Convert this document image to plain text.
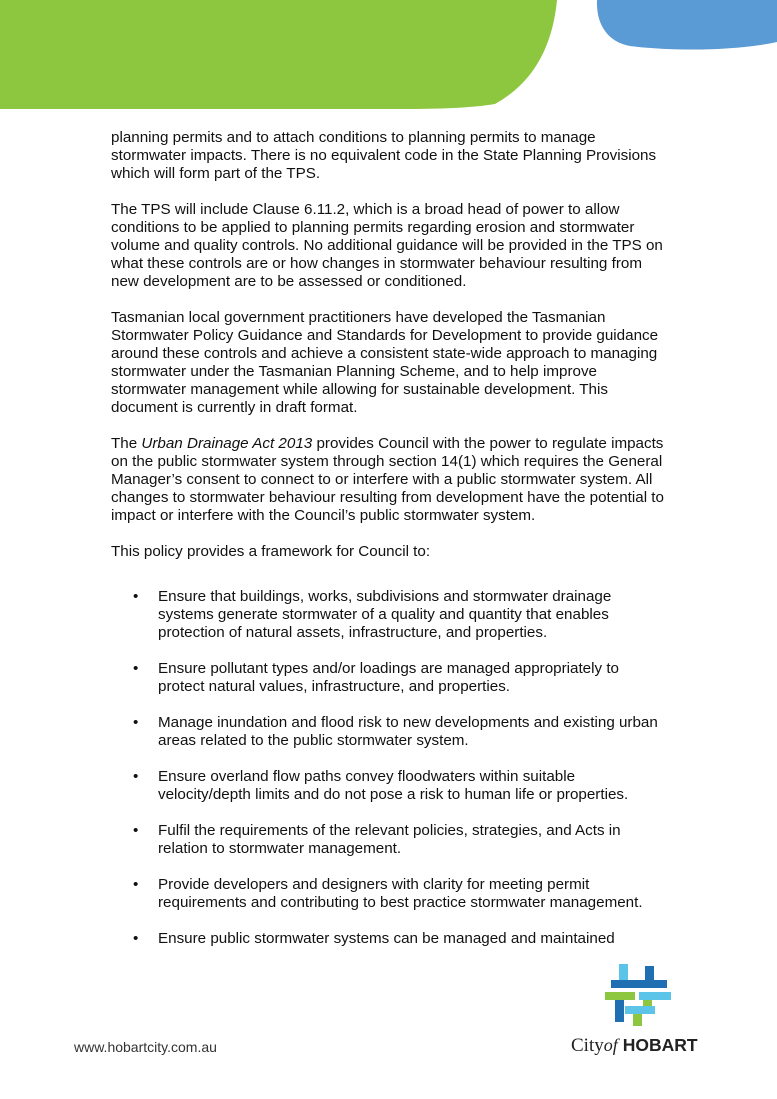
planning permits and to attach conditions to planning permits to manage stormwater impacts. There is no equivalent code in the State Planning Provisions which will form part of the TPS.

The TPS will include Clause 6.11.2, which is a broad head of power to allow conditions to be applied to planning permits regarding erosion and stormwater volume and quality controls. No additional guidance will be provided in the TPS on what these controls are or how changes in stormwater behaviour resulting from new development are to be assessed or conditioned.

Tasmanian local government practitioners have developed the Tasmanian Stormwater Policy Guidance and Standards for Development to provide guidance around these controls and achieve a consistent state-wide approach to managing stormwater under the Tasmanian Planning Scheme, and to help improve stormwater management while allowing for sustainable development. This document is currently in draft format.

The Urban Drainage Act 2013 provides Council with the power to regulate impacts on the public stormwater system through section 14(1) which requires the General Manager’s consent to connect to or interfere with a public stormwater system. All changes to stormwater behaviour resulting from development have the potential to impact or interfere with the Council’s public stormwater system.

This policy provides a framework for Council to:

• Ensure that buildings, works, subdivisions and stormwater drainage systems generate stormwater of a quality and quantity that enables protection of natural assets, infrastructure, and properties.
• Ensure pollutant types and/or loadings are managed appropriately to protect natural values, infrastructure, and properties.
• Manage inundation and flood risk to new developments and existing urban areas related to the public stormwater system.
• Ensure overland flow paths convey floodwaters within suitable velocity/depth limits and do not pose a risk to human life or properties.
• Fulfil the requirements of the relevant policies, strategies, and Acts in relation to stormwater management.
• Provide developers and designers with clarity for meeting permit requirements and contributing to best practice stormwater management.
• Ensure public stormwater systems can be managed and maintained
www.hobartcity.com.au	Cityof HOBART
